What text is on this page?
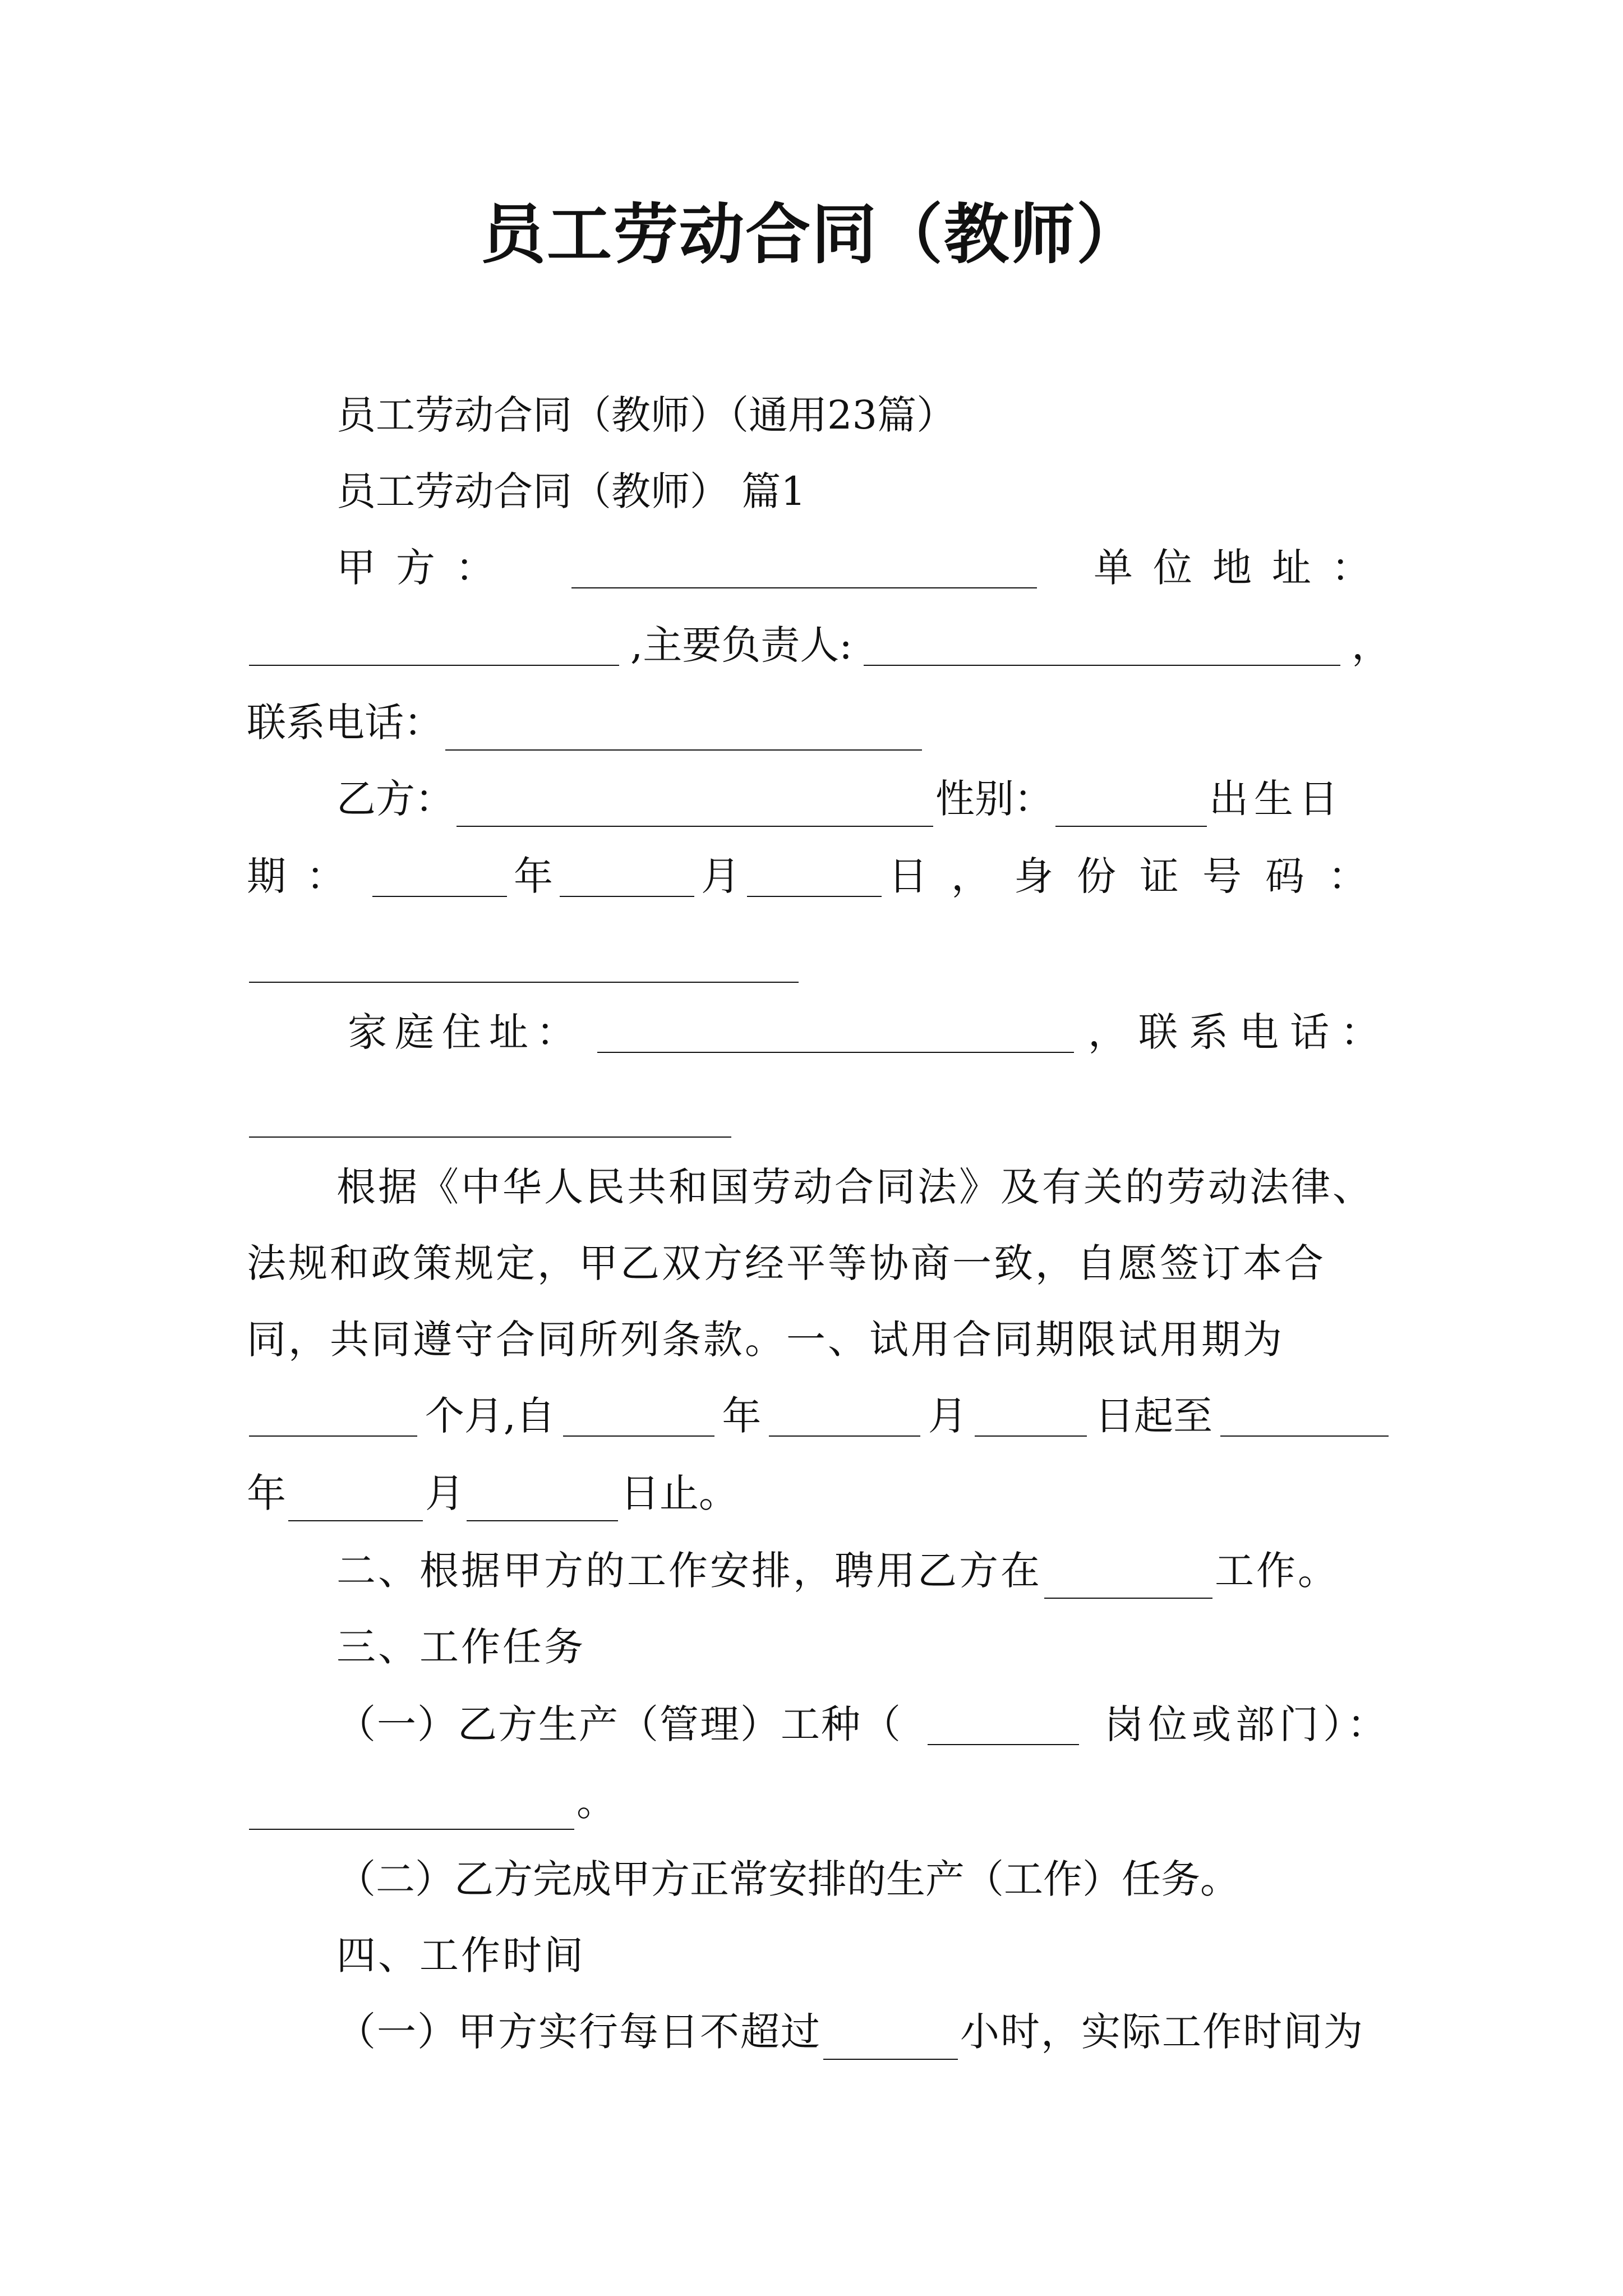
员工劳动合同（教师）
员工劳动合同（教师）（通用23篇）
员工劳动合同（教师） 篇1
甲方：	单位地址：
,主要负责人:	，
联系电话：
乙方：	性别：	出生日
期：	年	月	日，身份证号码：
家庭住址：	，联系电话：
根据《中华人民共和国劳动合同法》及有关的劳动法律、
法规和政策规定，甲乙双方经平等协商一致，自愿签订本合
同，共同遵守合同所列条款。一、试用合同期限试用期为
个月,自	年	月	日起至
年	月	日止。
二、根据甲方的工作安排，聘用乙方在	工作。
三、工作任务
（一）乙方生产（管理）工种（	岗位或部门）：
。
（二）乙方完成甲方正常安排的生产（工作）任务。
四、工作时间
（一）甲方实行每日不超过	小时，实际工作时间为
